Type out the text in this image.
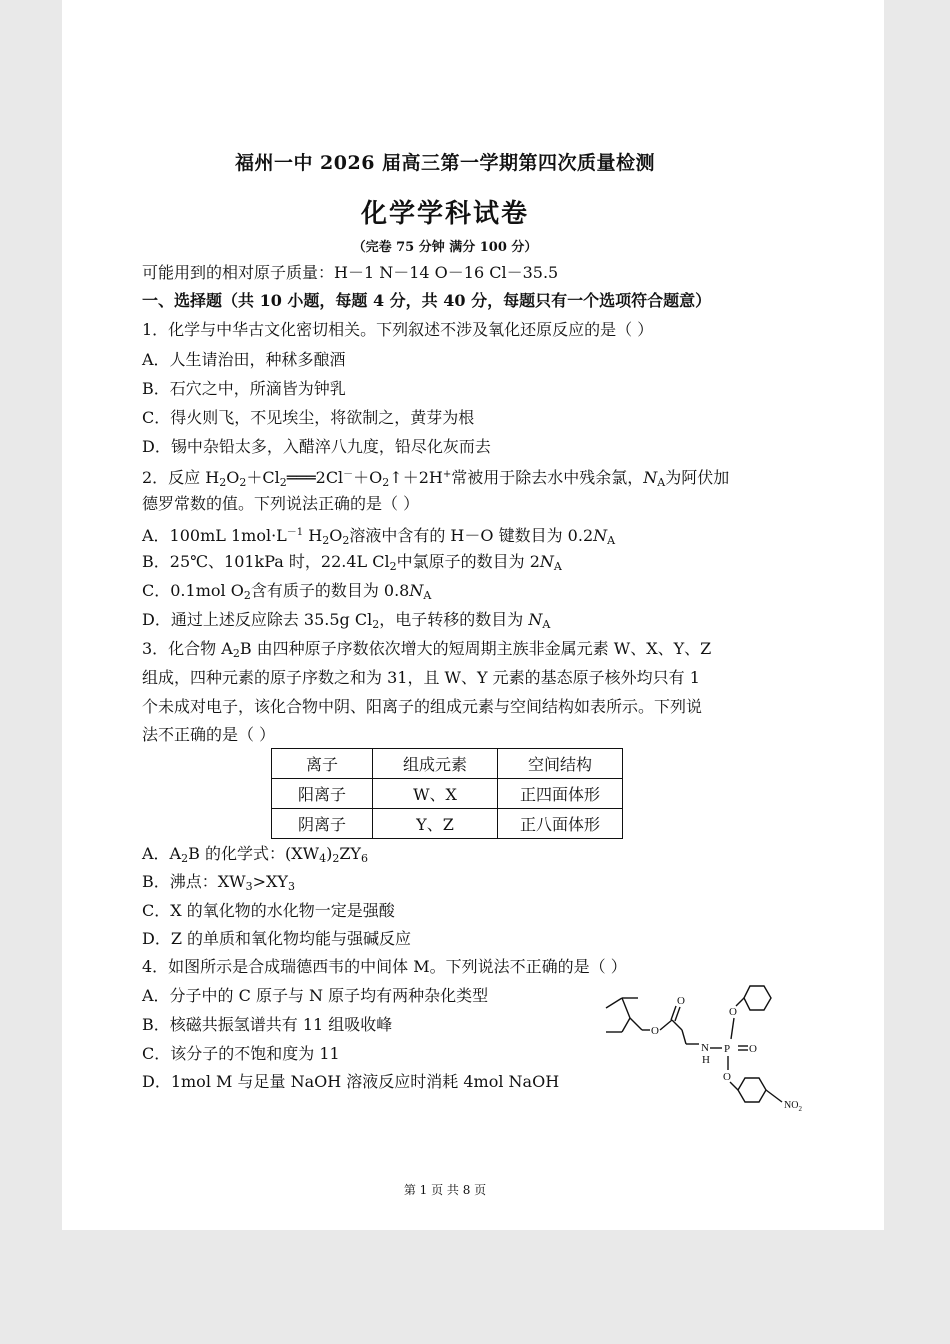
福州一中 2026 届高三第一学期第四次质量检测
化学学科试卷
（完卷 75 分钟 满分 100 分）
可能用到的相对原子质量：H－1 N－14 O－16 Cl－35.5
一、选择题（共 10 小题，每题 4 分，共 40 分，每题只有一个选项符合题意）
1．化学与中华古文化密切相关。下列叙述不涉及氧化还原反应的是（ ）
A．人生请治田，种秫多酿酒
B．石穴之中，所滴皆为钟乳
C．得火则飞，不见埃尘，将欲制之，黄芽为根
D．锡中杂铅太多，入醋淬八九度，铅尽化灰而去
2．反应 $H_2O_2+Cl_2═══2Cl^-+O_2↑+2H^+$常被用于除去水中残余氯，$N_A$为阿伏加
德罗常数的值。下列说法正确的是（ ）
A．100mL $1mol\cdot L^{-1}$ $H_2O_2$溶液中含有的 H－O 键数目为 $0.2N_A$
B．25℃、101kPa 时，22.4L $Cl_2$中氯原子的数目为 $2N_A$
C．0.1mol $O_2$含有质子的数目为 $0.8N_A$
D．通过上述反应除去 35.5g $Cl_2$，电子转移的数目为 $N_A$
3．化合物 $A_2B$ 由四种原子序数依次增大的短周期主族非金属元素 W、X、Y、Z
组成，四种元素的原子序数之和为 31，且 W、Y 元素的基态原子核外均只有 1
个未成对电子，该化合物中阴、阳离子的组成元素与空间结构如表所示。下列说
法不正确的是（ ）
离子	组成元素	空间结构
阳离子	W、X	正四面体形
阴离子	Y、Z	正八面体形
A．$A_2B$ 的化学式：$(XW_4)_2ZY_6$
B．沸点：$XW_3>XY_3$
C．X 的氧化物的水化物一定是强酸
D．Z 的单质和氧化物均能与强碱反应
4．如图所示是合成瑞德西韦的中间体 M。下列说法不正确的是（ ）
A．分子中的 C 原子与 N 原子均有两种杂化类型
B．核磁共振氢谱共有 11 组吸收峰
C．该分子的不饱和度为 11
D．1mol M 与足量 NaOH 溶液反应时消耗 4mol NaOH
O
O
N
H
P O
O
O
$NO_2$
第 1 页 共 8 页
